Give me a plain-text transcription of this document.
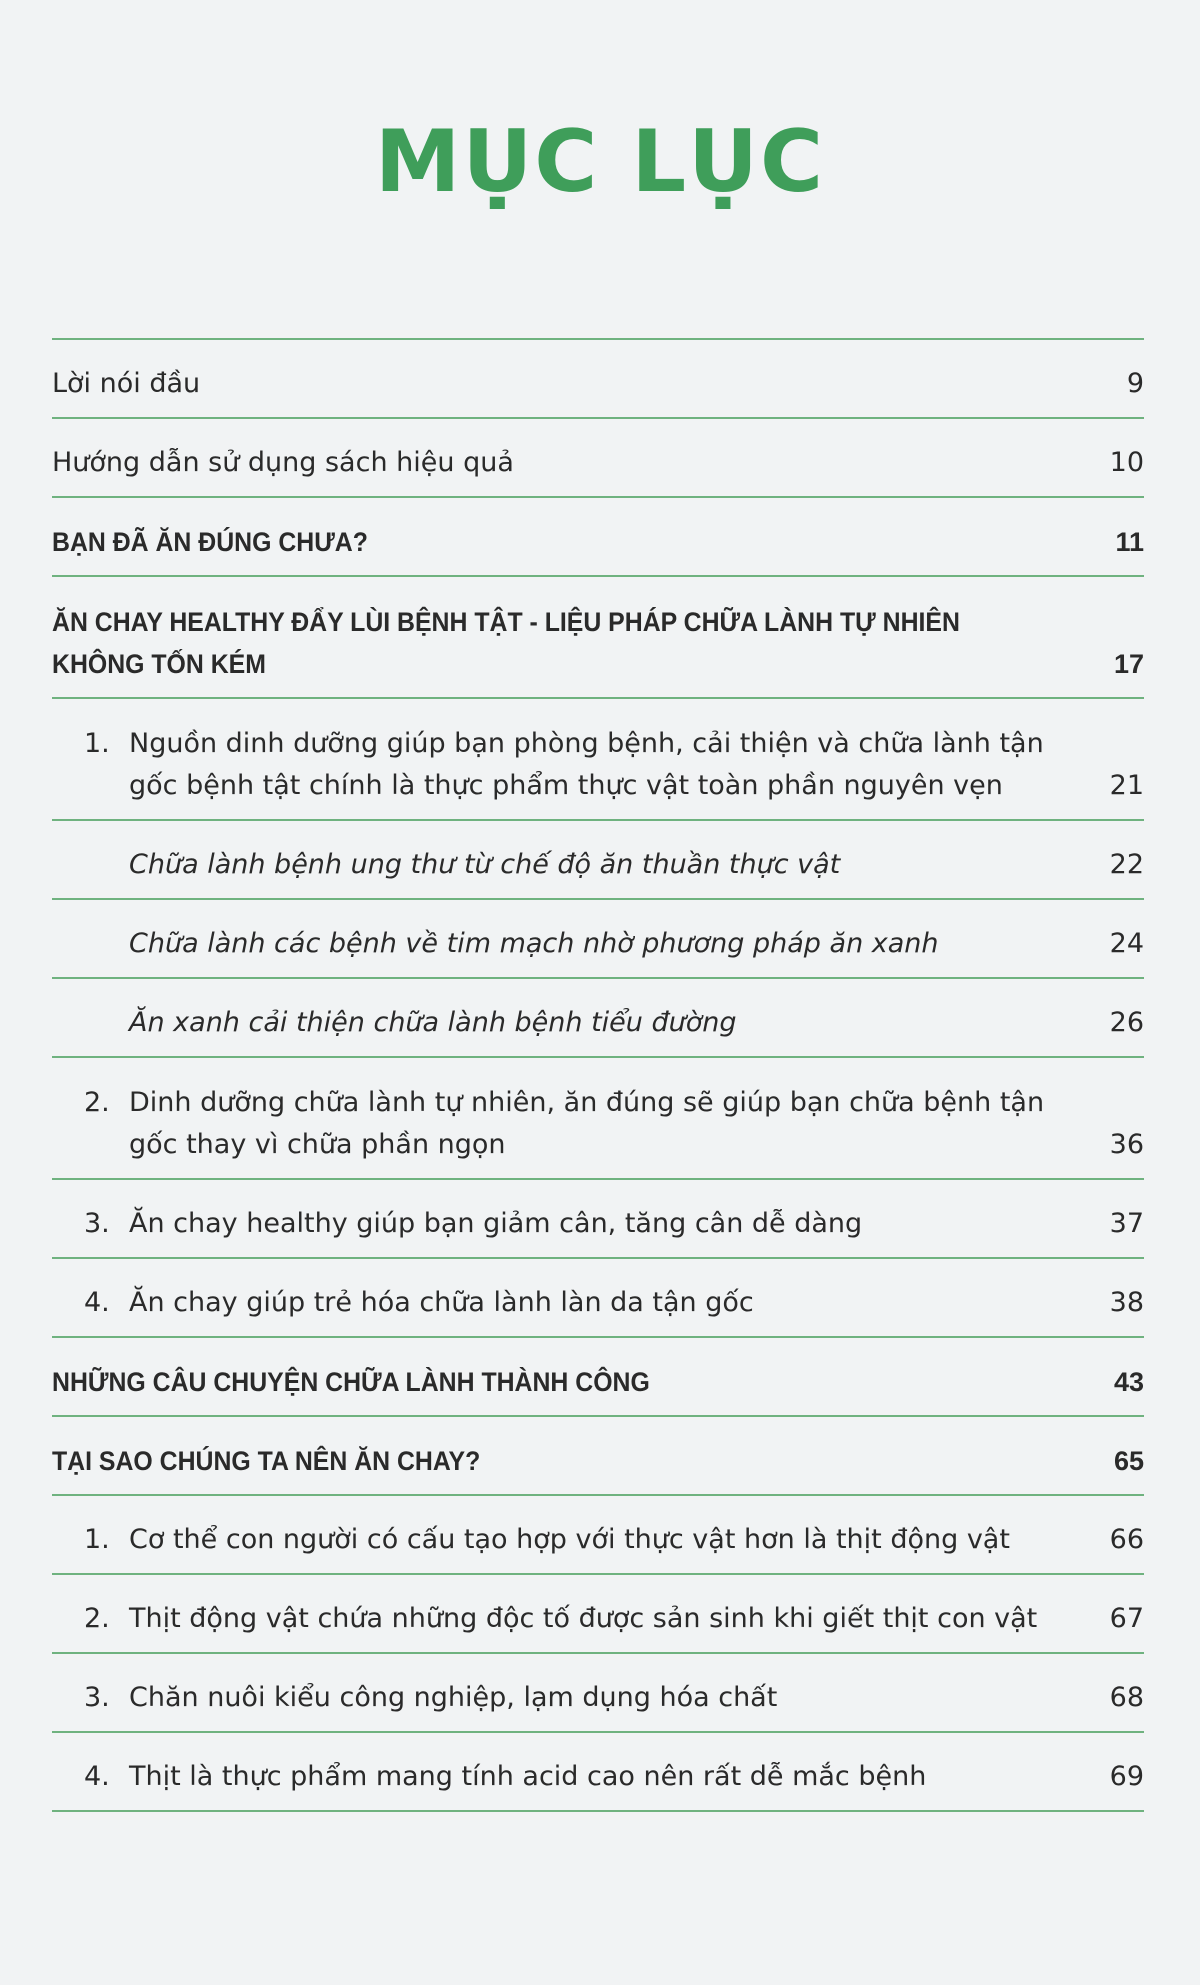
MỤC LỤC
Lời nói đầu	9
Hướng dẫn sử dụng sách hiệu quả	10
BẠN ĐÃ ĂN ĐÚNG CHƯA?	11
ĂN CHAY HEALTHY ĐẨY LÙI BỆNH TẬT - LIỆU PHÁP CHỮA LÀNH TỰ NHIÊN KHÔNG TỐN KÉM	17
1. Nguồn dinh dưỡng giúp bạn phòng bệnh, cải thiện và chữa lành tận gốc bệnh tật chính là thực phẩm thực vật toàn phần nguyên vẹn	21
Chữa lành bệnh ung thư từ chế độ ăn thuần thực vật	22
Chữa lành các bệnh về tim mạch nhờ phương pháp ăn xanh	24
Ăn xanh cải thiện chữa lành bệnh tiểu đường	26
2. Dinh dưỡng chữa lành tự nhiên, ăn đúng sẽ giúp bạn chữa bệnh tận gốc thay vì chữa phần ngọn	36
3. Ăn chay healthy giúp bạn giảm cân, tăng cân dễ dàng	37
4. Ăn chay giúp trẻ hóa chữa lành làn da tận gốc	38
NHỮNG CÂU CHUYỆN CHỮA LÀNH THÀNH CÔNG	43
TẠI SAO CHÚNG TA NÊN ĂN CHAY?	65
1. Cơ thể con người có cấu tạo hợp với thực vật hơn là thịt động vật	66
2. Thịt động vật chứa những độc tố được sản sinh khi giết thịt con vật	67
3. Chăn nuôi kiểu công nghiệp, lạm dụng hóa chất	68
4. Thịt là thực phẩm mang tính acid cao nên rất dễ mắc bệnh	69
